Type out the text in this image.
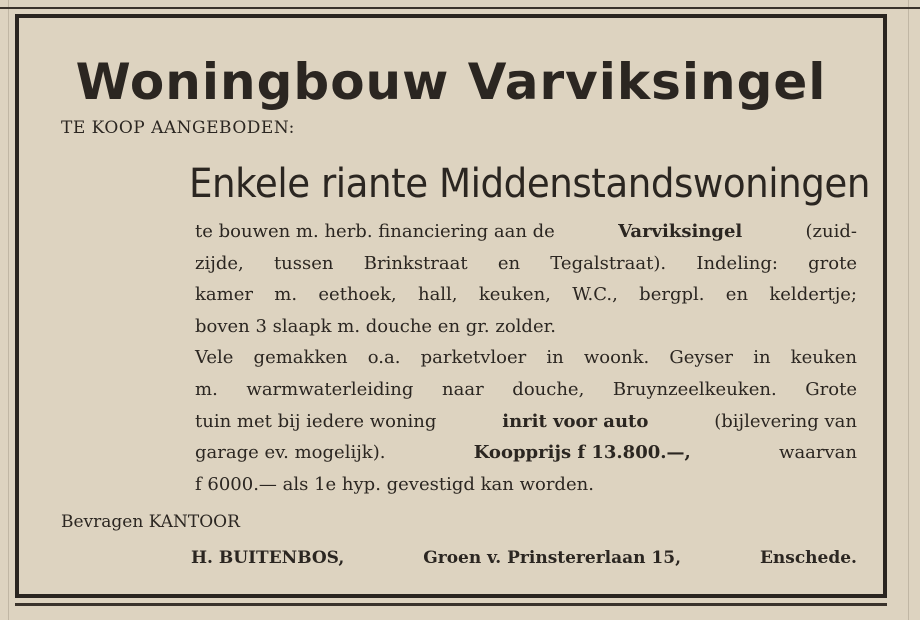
Woningbouw Varviksingel
TE KOOP AANGEBODEN:
Enkele riante Middenstandswoningen

te bouwen m. herb. financiering aan de	Varviksingel	(zuid-
zijde, tussen Brinkstraat en Tegalstraat). Indeling: grote
kamer m. eethoek, hall, keuken, W.C., bergpl. en keldertje;
boven 3 slaapk m. douche en gr. zolder.

Vele gemakken o.a. parketvloer in woonk. Geyser in keuken
m. warmwaterleiding naar douche, Bruynzeelkeuken. Grote
tuin met bij iedere woning	inrit voor auto	(bijlevering van
garage ev. mogelijk).	Koopprijs f 13.800.—,	waarvan
f 6000.— als 1e hyp. gevestigd kan worden.

Bevragen KANTOOR
H. BUITENBOS,	Groen v. Prinstererlaan 15,	Enschede.
